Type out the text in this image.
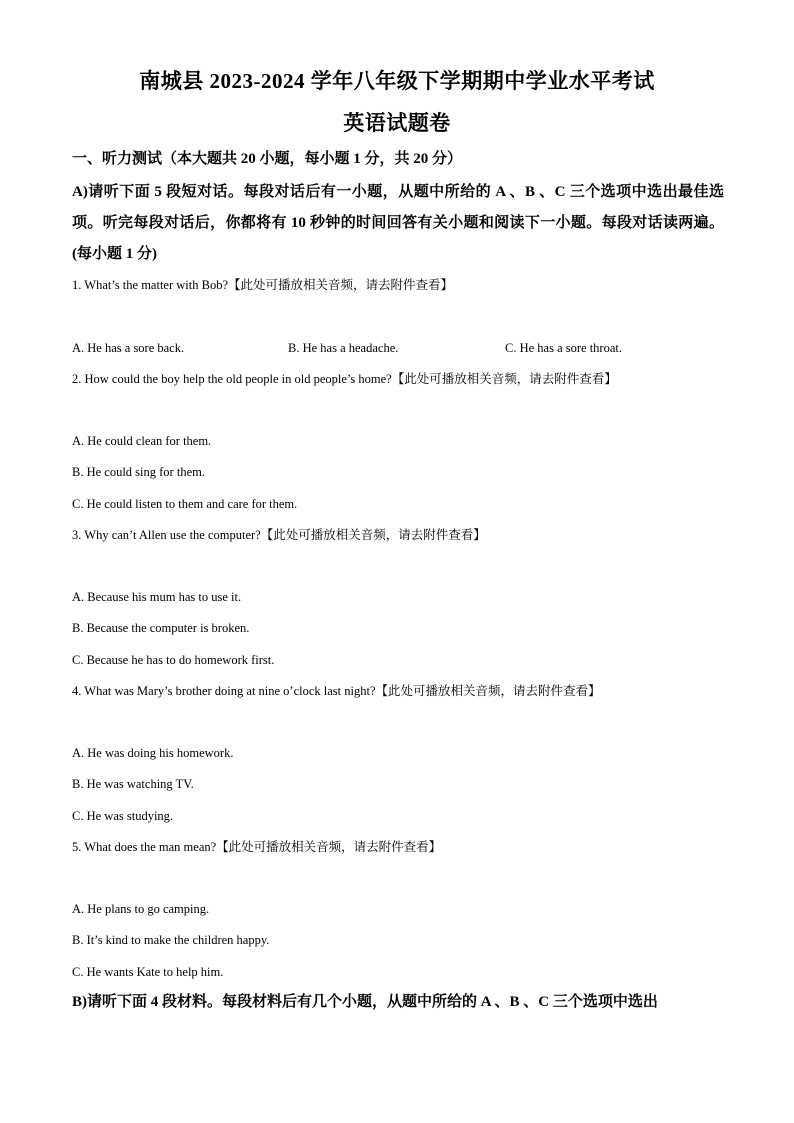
南城县 2023-2024 学年八年级下学期期中学业水平考试
英语试题卷
一、听力测试（本大题共 20 小题，每小题 1 分，共 20 分）
A)请听下面 5 段短对话。每段对话后有一小题，从题中所给的 A 、B 、C 三个选项中选出最佳选 项。听完每段对话后，你都将有 10 秒钟的时间回答有关小题和阅读下一小题。每段对话读两遍。(每小题 1 分)
1. What’s the matter with Bob?【此处可播放相关音频，请去附件查看】
A. He has a sore back.	B. He has a headache.	C. He has a sore throat.
2. How could the boy help the old people in old people’s home?【此处可播放相关音频，请去附件查看】
A. He could clean for them.
B. He could sing for them.
C. He could listen to them and care for them.
3. Why can’t Allen use the computer?【此处可播放相关音频，请去附件查看】
A. Because his mum has to use it.
B. Because the computer is broken.
C. Because he has to do homework first.
4. What was Mary’s brother doing at nine o’clock last night?【此处可播放相关音频，请去附件查看】
A. He was doing his homework.
B. He was watching TV.
C. He was studying.
5. What does the man mean?【此处可播放相关音频，请去附件查看】
A. He plans to go camping.
B. It’s kind to make the children happy.
C. He wants Kate to help him.
B)请听下面 4 段材料。每段材料后有几个小题，从题中所给的 A 、B 、C 三个选项中选出
